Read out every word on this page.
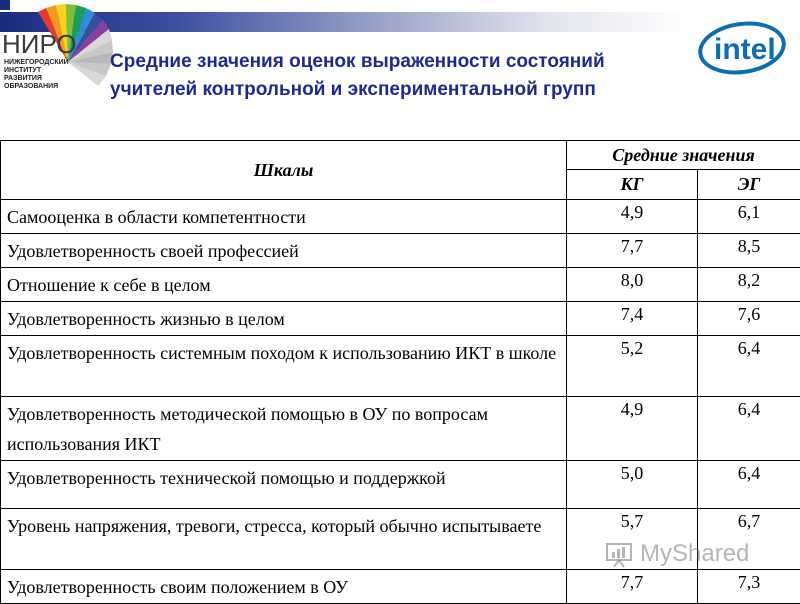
НИРО
НИЖЕГОРОДСКИЙ
ИНСТИТУТ
РАЗВИТИЯ
ОБРАЗОВАНИЯ
Средние значения оценок выраженности состояний
учителей контрольной и экспериментальной групп
intel
Шкалы	Средние значения	
	КГ	ЭГ
Самооценка в области компетентности	4,9	6,1
Удовлетворенность своей профессией	7,7	8,5
Отношение к себе в целом	8,0	8,2
Удовлетворенность жизнью в целом	7,4	7,6
Удовлетворенность системным походом к использованию ИКТ в школе	5,2	6,4
Удовлетворенность методической помощью в ОУ по вопросам использования ИКТ	4,9	6,4
Удовлетворенность технической помощью и поддержкой	5,0	6,4
Уровень напряжения, тревоги, стресса, который обычно испытываете	5,7	6,7
Удовлетворенность своим положением в ОУ	7,7	7,3
MyShared
